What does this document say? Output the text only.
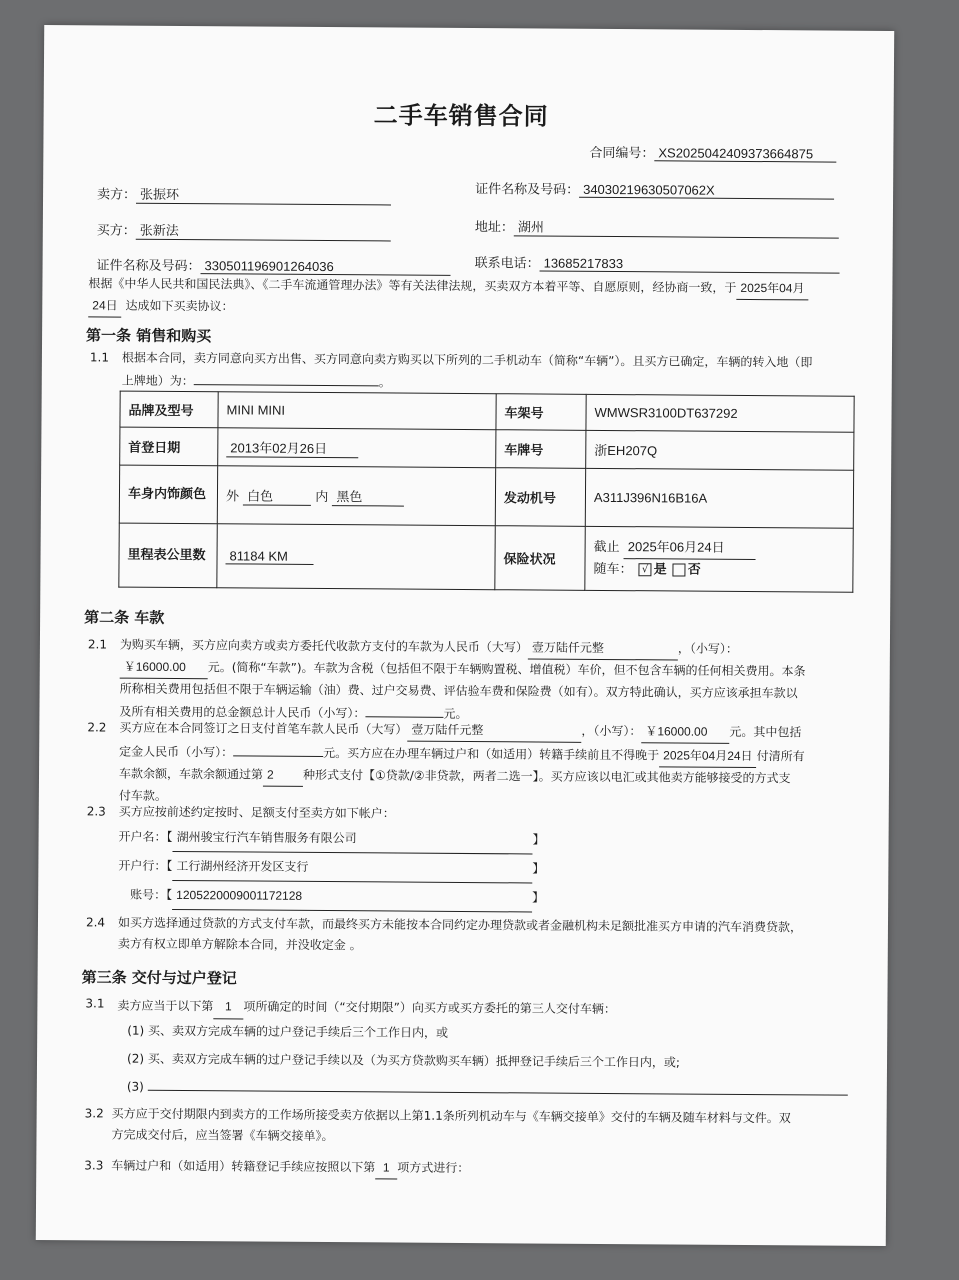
二手车销售合同
合同编号： XS2025042409373664875
卖方： 张振环	证件名称及号码： 34030219630507062X
买方： 张新法	地址： 湖州
证件名称及号码： 330501196901264036	联系电话： 13685217833
根据《中华人民共和国民法典》、《二手车流通管理办法》等有关法律法规，买卖双方本着平等、自愿原则，经协商一致，于 2025年04月
24日 达成如下买卖协议：
第一条 销售和购买
1.1 根据本合同，卖方同意向买方出售、买方同意向卖方购买以下所列的二手机动车（简称“车辆”）。且买方已确定，车辆的转入地（即
上牌地）为：	。
品牌及型号	MINI MINI	车架号	WMWSR3100DT637292
首登日期	2013年02月26日	车牌号	浙EH207Q
车身内饰颜色	外 白色 内 黑色	发动机号	A311J396N16B16A
里程表公里数	81184 KM	保险状况	截止 2025年06月24日
随车： √ 是 否
第二条 车款
2.1 为购买车辆，买方应向卖方或卖方委托代收款方支付的车款为人民币（大写） 壹万陆仟元整	，（小写）：
￥16000.00 元。(简称“车款”)。车款为含税（包括但不限于车辆购置税、增值税）车价，但不包含车辆的任何相关费用。本条
所称相关费用包括但不限于车辆运输（油）费、过户交易费、评估验车费和保险费（如有）。双方特此确认，买方应该承担车款以
及所有相关费用的总金额总计人民币（小写）：	元。
2.2 买方应在本合同签订之日支付首笔车款人民币（大写） 壹万陆仟元整	，（小写）： ￥16000.00 元。其中包括
定金人民币（小写）：	元。买方应在办理车辆过户和（如适用）转籍手续前且不得晚于 2025年04月24日 付清所有
车款余额，车款余额通过第 2 种形式支付【①贷款/②非贷款，两者二选一】。买方应该以电汇或其他卖方能够接受的方式支
付车款。
2.3 买方应按前述约定按时、足额支付至卖方如下帐户：
开户名：【 湖州骏宝行汽车销售服务有限公司	】
开户行：【 工行湖州经济开发区支行	】
账号：【 1205220009001172128	】
2.4 如买方选择通过贷款的方式支付车款，而最终买方未能按本合同约定办理贷款或者金融机构未足额批准买方申请的汽车消费贷款，
卖方有权立即单方解除本合同，并没收定金 。
第三条 交付与过户登记
3.1 卖方应当于以下第 1 项所确定的时间（“交付期限”）向买方或买方委托的第三人交付车辆：
(1) 买、卖双方完成车辆的过户登记手续后三个工作日内，或
(2) 买、卖双方完成车辆的过户登记手续以及（为买方贷款购买车辆）抵押登记手续后三个工作日内，或;
(3)
3.2 买方应于交付期限内到卖方的工作场所接受卖方依据以上第1.1条所列机动车与《车辆交接单》交付的车辆及随车材料与文件。双
方完成交付后，应当签署《车辆交接单》。
3.3 车辆过户和（如适用）转籍登记手续应按照以下第 1 项方式进行：
